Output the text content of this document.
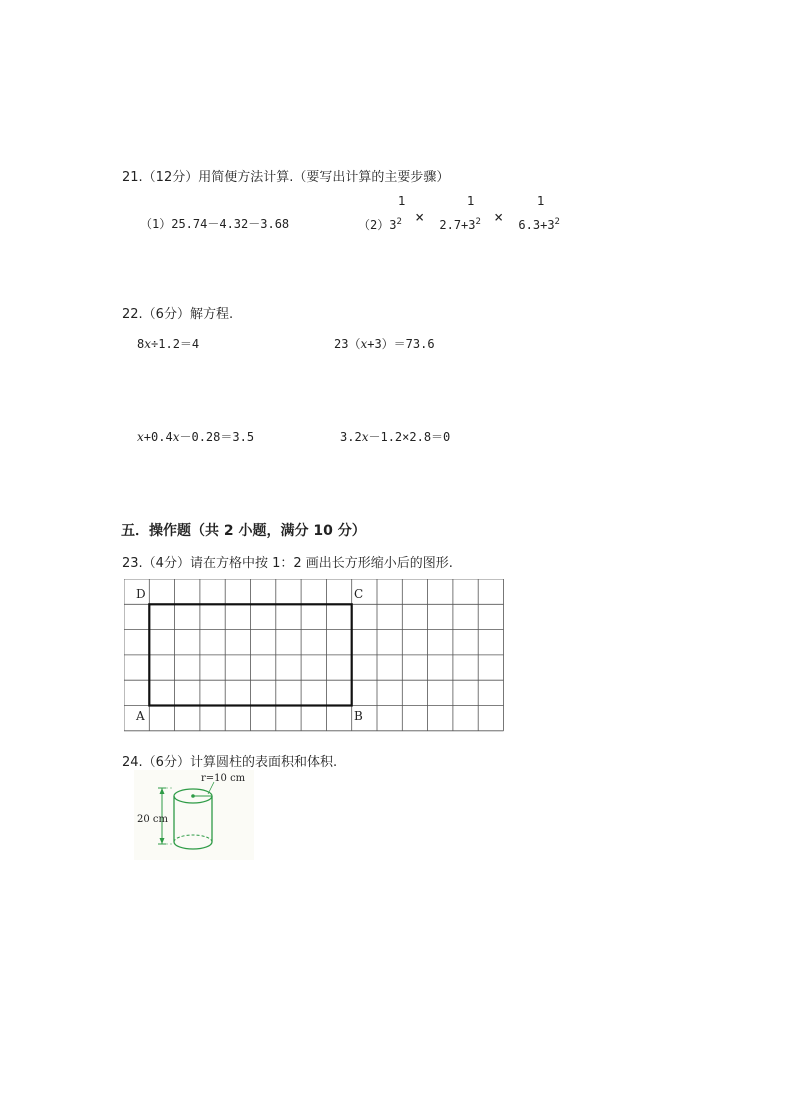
21.（12分）用简便方法计算.（要写出计算的主要步骤）
（1）25.74－4.32－3.68
1	1	1
$(2)3^2 \times 2.7+3^2 \times 6.3+3^2$
22.（6分）解方程.
8x÷1.2＝4	23（x+3）＝73.6
x+0.4x－0.28＝3.5	3.2x－1.2×2.8＝0
五．操作题（共 2 小题，满分 10 分）
23.（4分）请在方格中按 1：2 画出长方形缩小后的图形.
D	C
A	B
24.（6分）计算圆柱的表面积和体积.
20 cm
r=10 cm
